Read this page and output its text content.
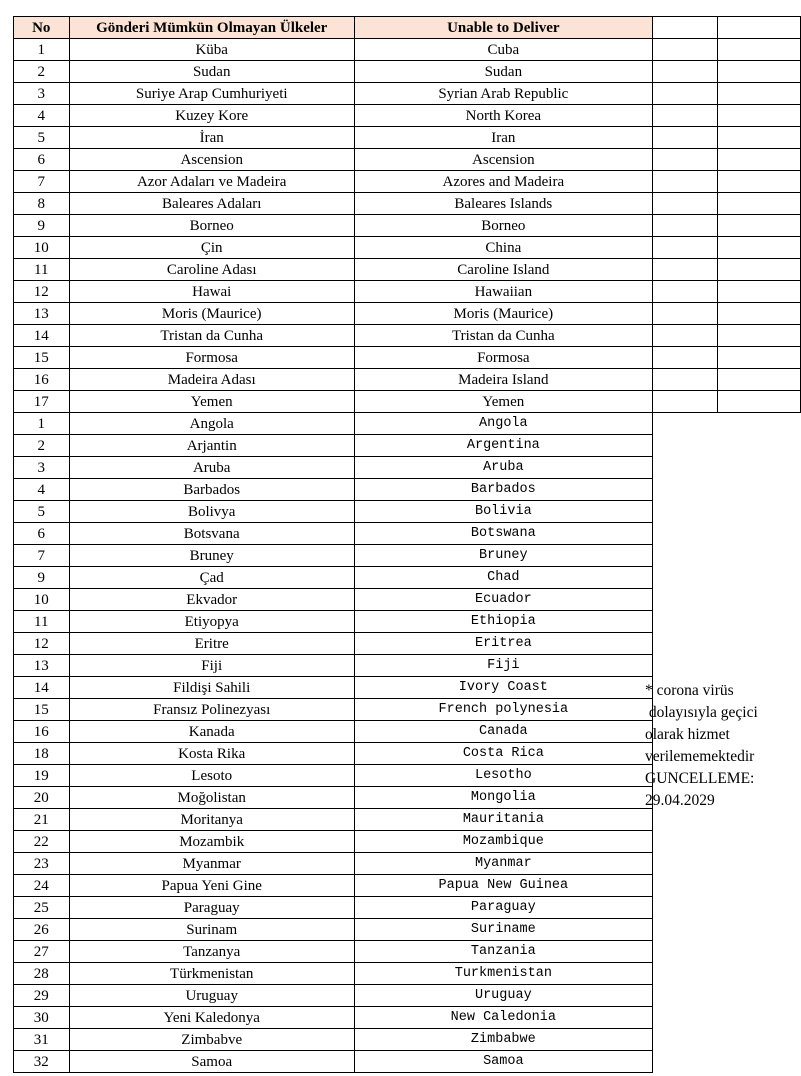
No	Gönderi Mümkün Olmayan Ülkeler	Unable to Deliver		
1	Küba	Cuba		
2	Sudan	Sudan		
3	Suriye Arap Cumhuriyeti	Syrian Arab Republic		
4	Kuzey Kore	North Korea		
5	İran	Iran		
6	Ascension	Ascension		
7	Azor Adaları ve Madeira	Azores and Madeira		
8	Baleares Adaları	Baleares Islands		
9	Borneo	Borneo		
10	Çin	China		
11	Caroline Adası	Caroline Island		
12	Hawai	Hawaiian		
13	Moris (Maurice)	Moris (Maurice)		
14	Tristan da Cunha	Tristan da Cunha		
15	Formosa	Formosa		
16	Madeira Adası	Madeira Island		
17	Yemen	Yemen		
1	Angola	Angola		
2	Arjantin	Argentina		
3	Aruba	Aruba		
4	Barbados	Barbados		
5	Bolivya	Bolivia		
6	Botsvana	Botswana		
7	Bruney	Bruney		
9	Çad	Chad		
10	Ekvador	Ecuador		
11	Etiyopya	Ethiopia		
12	Eritre	Eritrea		
13	Fiji	Fiji		
14	Fildişi Sahili	Ivory Coast		
15	Fransız Polinezyası	French polynesia		
16	Kanada	Canada		
18	Kosta Rika	Costa Rica		
19	Lesoto	Lesotho		
20	Moğolistan	Mongolia		
21	Moritanya	Mauritania		
22	Mozambik	Mozambique		
23	Myanmar	Myanmar		
24	Papua Yeni Gine	Papua New Guinea		
25	Paraguay	Paraguay		
26	Surinam	Suriname		
27	Tanzanya	Tanzania		
28	Türkmenistan	Turkmenistan		
29	Uruguay	Uruguay		
30	Yeni Kaledonya	New Caledonia		
31	Zimbabve	Zimbabwe		
32	Samoa	Samoa		
* corona virüs
dolayısıyla geçici
olarak hizmet
verilememektedir
GUNCELLEME:
29.04.2029
